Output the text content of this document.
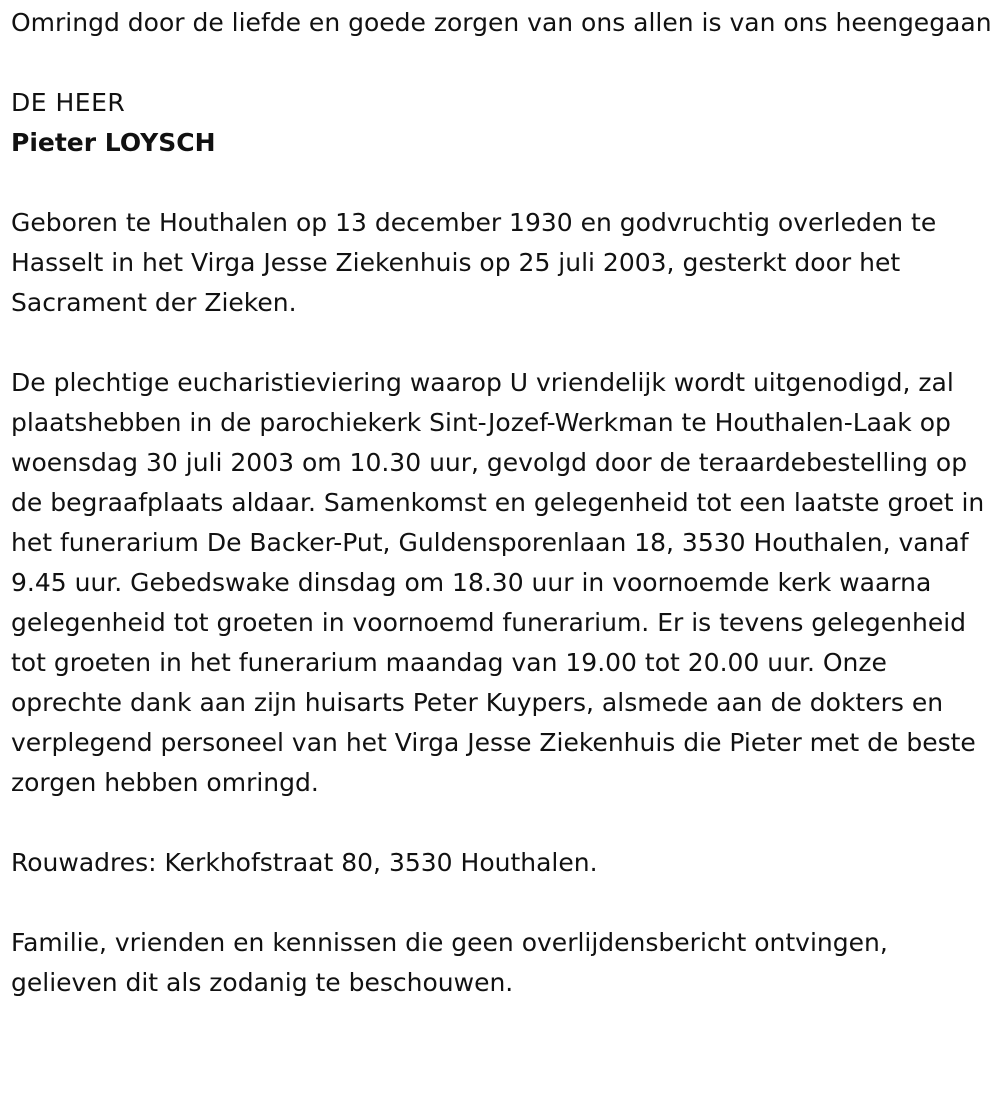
Omringd door de liefde en goede zorgen van ons allen is van ons heengegaan

DE HEER

Pieter LOYSCH

Geboren te Houthalen op 13 december 1930 en godvruchtig overleden te Hasselt in het Virga Jesse Ziekenhuis op 25 juli 2003, gesterkt door het Sacrament der Zieken.

De plechtige eucharistieviering waarop U vriendelijk wordt uitgenodigd, zal plaatshebben in de parochiekerk Sint-Jozef-Werkman te Houthalen-Laak op woensdag 30 juli 2003 om 10.30 uur, gevolgd door de teraardebestelling op de begraafplaats aldaar. Samenkomst en gelegenheid tot een laatste groet in het funerarium De Backer-Put, Guldensporenlaan 18, 3530 Houthalen, vanaf 9.45 uur. Gebedswake dinsdag om 18.30 uur in voornoemde kerk waarna gelegenheid tot groeten in voornoemd funerarium. Er is tevens gelegenheid tot groeten in het funerarium maandag van 19.00 tot 20.00 uur. Onze oprechte dank aan zijn huisarts Peter Kuypers, alsmede aan de dokters en verplegend personeel van het Virga Jesse Ziekenhuis die Pieter met de beste zorgen hebben omringd.

Rouwadres: Kerkhofstraat 80, 3530 Houthalen.

Familie, vrienden en kennissen die geen overlijdensbericht ontvingen, gelieven dit als zodanig te beschouwen.
